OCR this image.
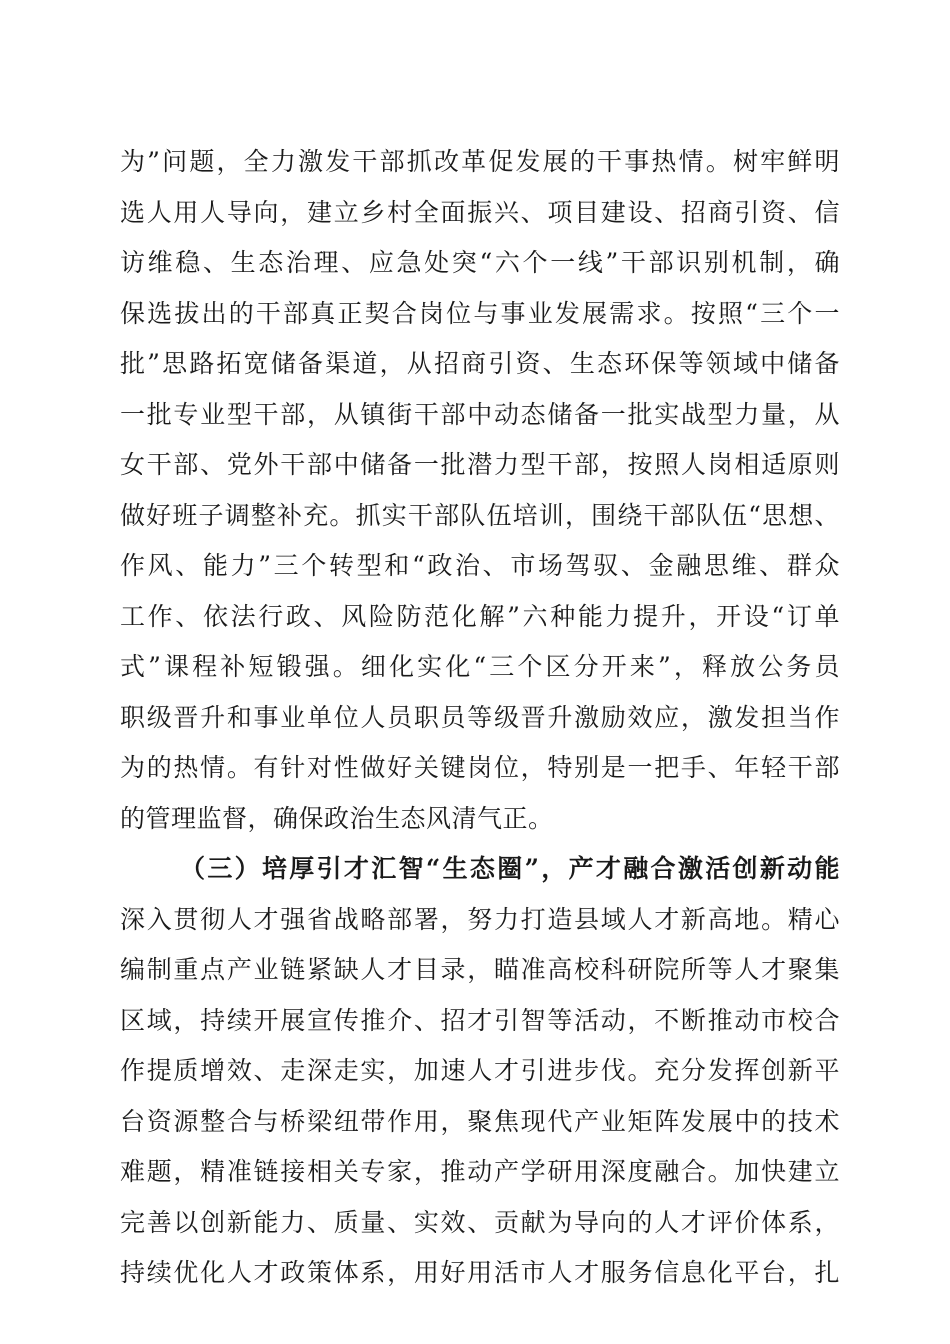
为”问题，全力激发干部抓改革促发展的干事热情。树牢鲜明
选人用人导向，建立乡村全面振兴、项目建设、招商引资、信
访维稳、生态治理、应急处突“六个一线”干部识别机制，确
保选拔出的干部真正契合岗位与事业发展需求。按照“三个一
批”思路拓宽储备渠道，从招商引资、生态环保等领域中储备
一批专业型干部，从镇街干部中动态储备一批实战型力量，从
女干部、党外干部中储备一批潜力型干部，按照人岗相适原则
做好班子调整补充。抓实干部队伍培训，围绕干部队伍“思想、
作风、能力”三个转型和“政治、市场驾驭、金融思维、群众
工作、依法行政、风险防范化解”六种能力提升，开设“订单
式”课程补短锻强。细化实化“三个区分开来”，释放公务员
职级晋升和事业单位人员职员等级晋升激励效应，激发担当作
为的热情。有针对性做好关键岗位，特别是一把手、年轻干部
的管理监督，确保政治生态风清气正。
（三）培厚引才汇智“生态圈”，产才融合激活创新动能
深入贯彻人才强省战略部署，努力打造县域人才新高地。精心
编制重点产业链紧缺人才目录，瞄准高校科研院所等人才聚集
区域，持续开展宣传推介、招才引智等活动，不断推动市校合
作提质增效、走深走实，加速人才引进步伐。充分发挥创新平
台资源整合与桥梁纽带作用，聚焦现代产业矩阵发展中的技术
难题，精准链接相关专家，推动产学研用深度融合。加快建立
完善以创新能力、质量、实效、贡献为导向的人才评价体系，
持续优化人才政策体系，用好用活市人才服务信息化平台，扎
